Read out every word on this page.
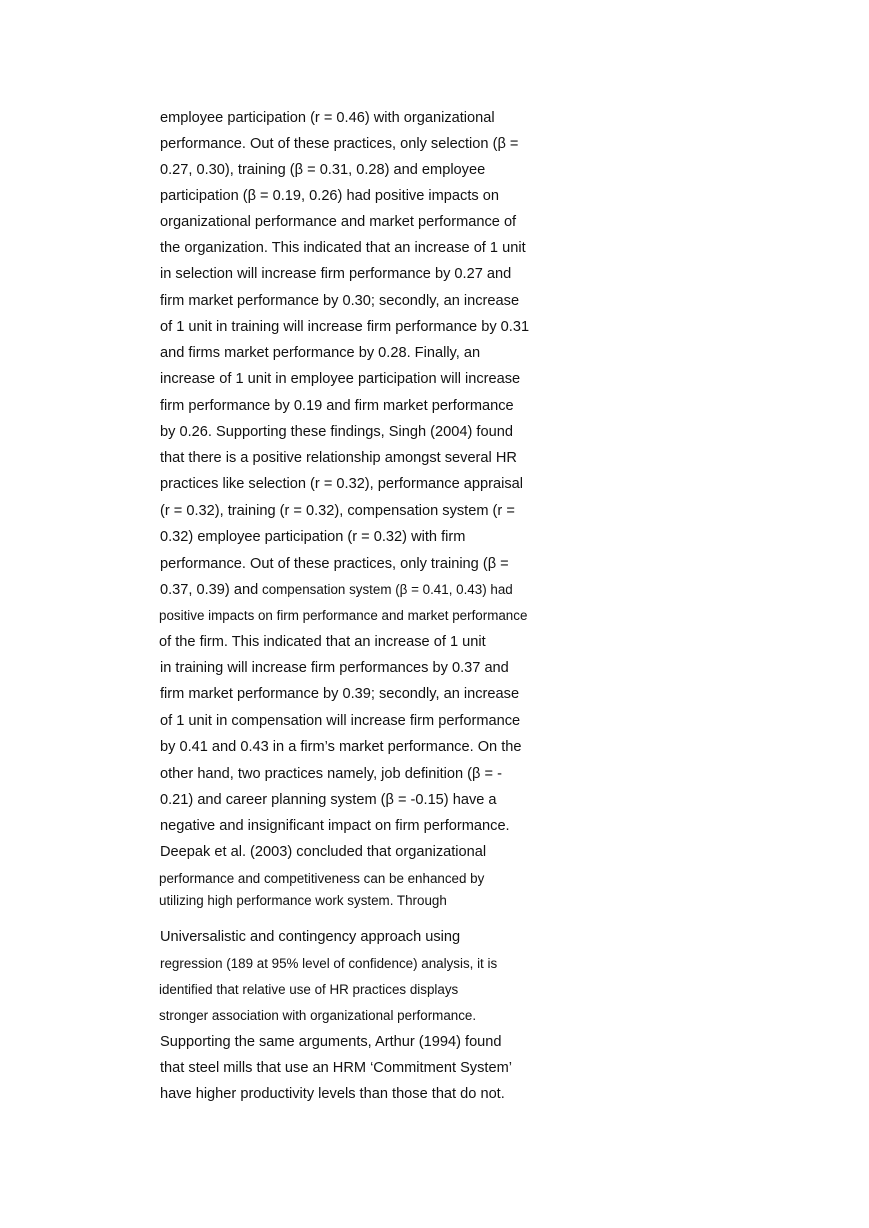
employee participation (r = 0.46) with organizational
performance. Out of these practices, only selection (β =
0.27, 0.30), training (β = 0.31, 0.28) and employee
participation (β = 0.19, 0.26) had positive impacts on
organizational performance and market performance of
the organization. This indicated that an increase of 1 unit
in selection will increase firm performance by 0.27 and
firm market performance by 0.30; secondly, an increase
of 1 unit in training will increase firm performance by 0.31
and firms market performance by 0.28. Finally, an
increase of 1 unit in employee participation will increase
firm performance by 0.19 and firm market performance
by 0.26. Supporting these findings, Singh (2004) found
that there is a positive relationship amongst several HR
practices like selection (r = 0.32), performance appraisal
(r = 0.32), training (r = 0.32), compensation system (r =
0.32) employee participation (r = 0.32) with firm
performance. Out of these practices, only training (β =
0.37, 0.39) and compensation system (β = 0.41, 0.43) had
positive impacts on firm performance and market performance
of the firm. This indicated that an increase of 1 unit
in training will increase firm performances by 0.37 and
firm market performance by 0.39; secondly, an increase
of 1 unit in compensation will increase firm performance
by 0.41 and 0.43 in a firm’s market performance. On the
other hand, two practices namely, job definition (β = -
0.21) and career planning system (β = -0.15) have a
negative and insignificant impact on firm performance.
Deepak et al. (2003) concluded that organizational
performance and competitiveness can be enhanced by
utilizing high performance work system. Through
Universalistic and contingency approach using
regression (189 at 95% level of confidence) analysis, it is
identified that relative use of HR practices displays
stronger association with organizational performance.
Supporting the same arguments, Arthur (1994) found
that steel mills that use an HRM ‘Commitment System’
have higher productivity levels than those that do not.
